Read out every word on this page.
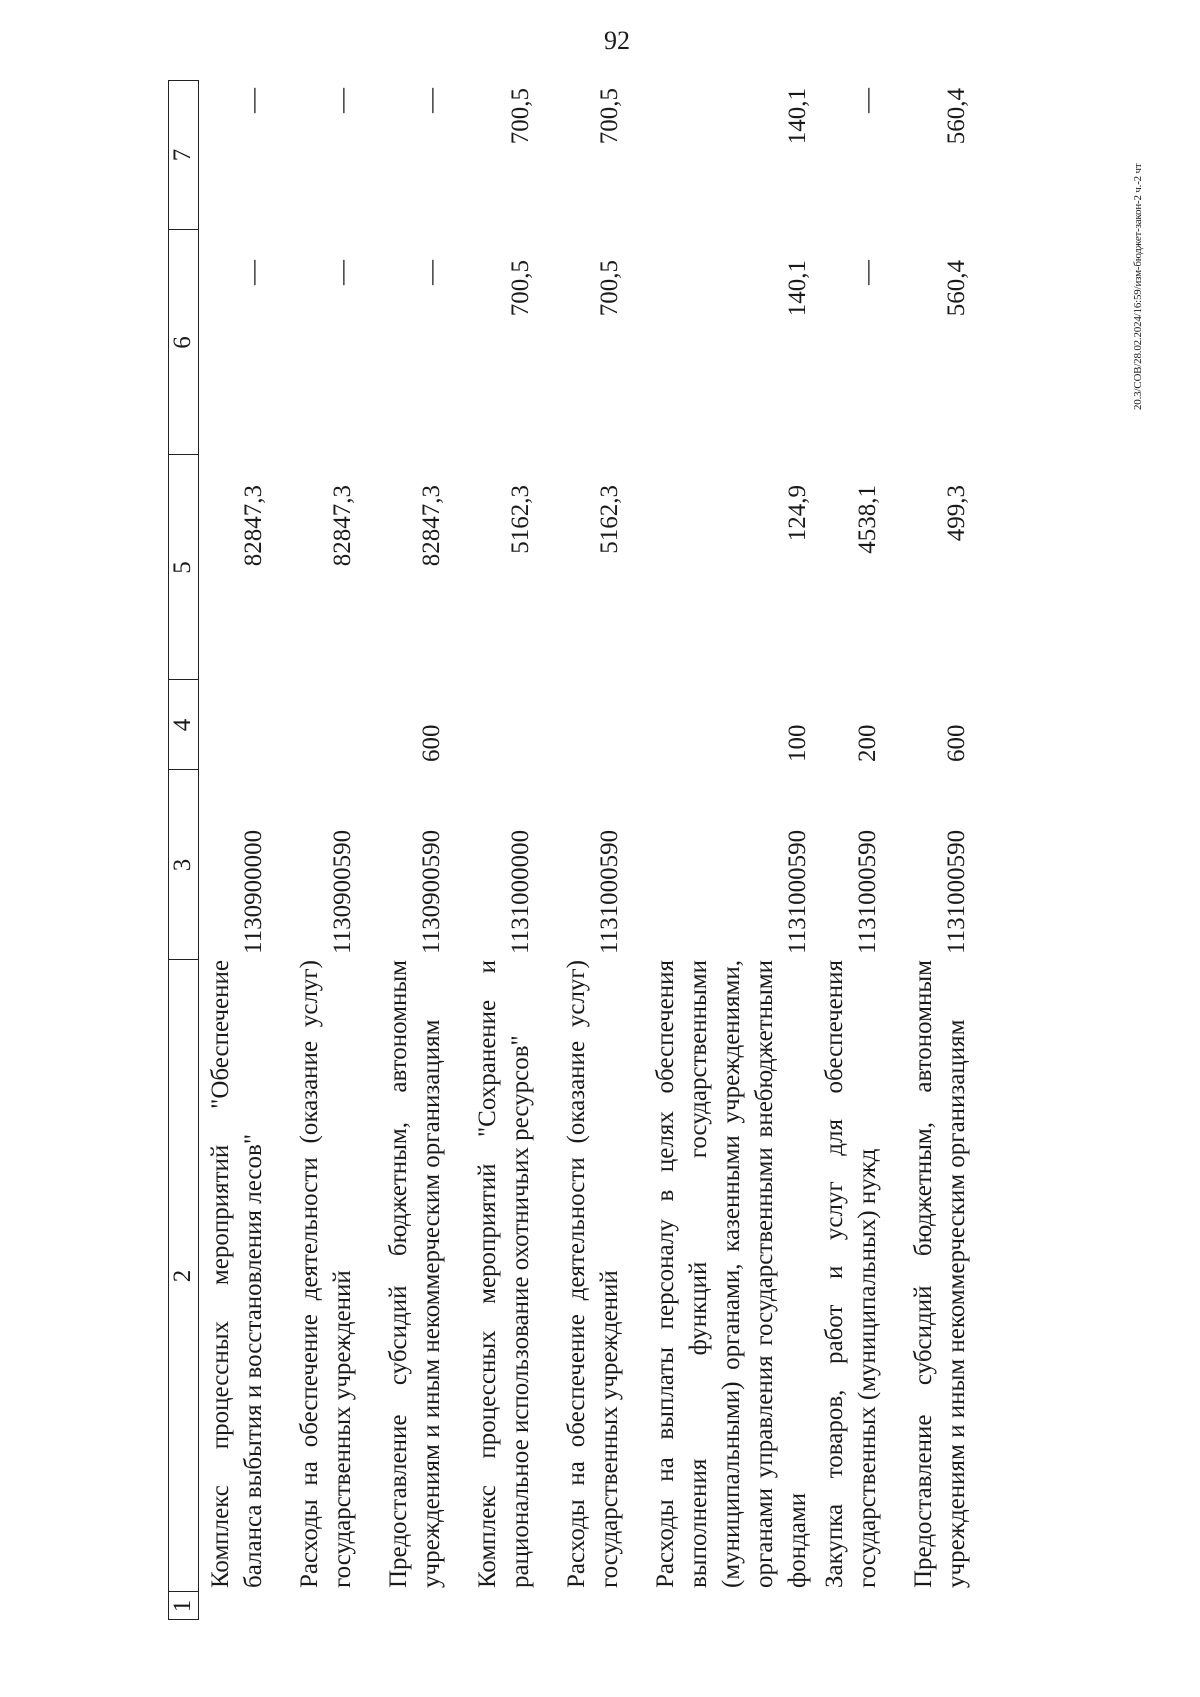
92
20.3/СОВ/28.02.2024/16:59/изм-бюджет-закон-2 ч.-2 чт
1
2
3
4
5
6
7
Комплекс процессных мероприятий "Обеспечение баланса выбытия и восстановления лесов"
1130900000
82847,3
—
—
Расходы на обеспечение деятельности (оказание услуг) государственных учреждений
1130900590
82847,3
—
—
Предоставление субсидий бюджетным, автономным учреждениям и иным некоммерческим организациям
1130900590
600
82847,3
—
—
Комплекс процессных мероприятий "Сохранение и рациональное использование охотничьих ресурсов"
1131000000
5162,3
700,5
700,5
Расходы на обеспечение деятельности (оказание услуг) государственных учреждений
1131000590
5162,3
700,5
700,5
Расходы на выплаты персоналу в целях обеспечения выполнения функций государственными (муниципальными) органами, казенными учреждениями, органами управления государственными внебюджетными фондами
1131000590
100
124,9
140,1
140,1
Закупка товаров, работ и услуг для обеспечения государственных (муниципальных) нужд
1131000590
200
4538,1
—
—
Предоставление субсидий бюджетным, автономным учреждениям и иным некоммерческим организациям
1131000590
600
499,3
560,4
560,4
